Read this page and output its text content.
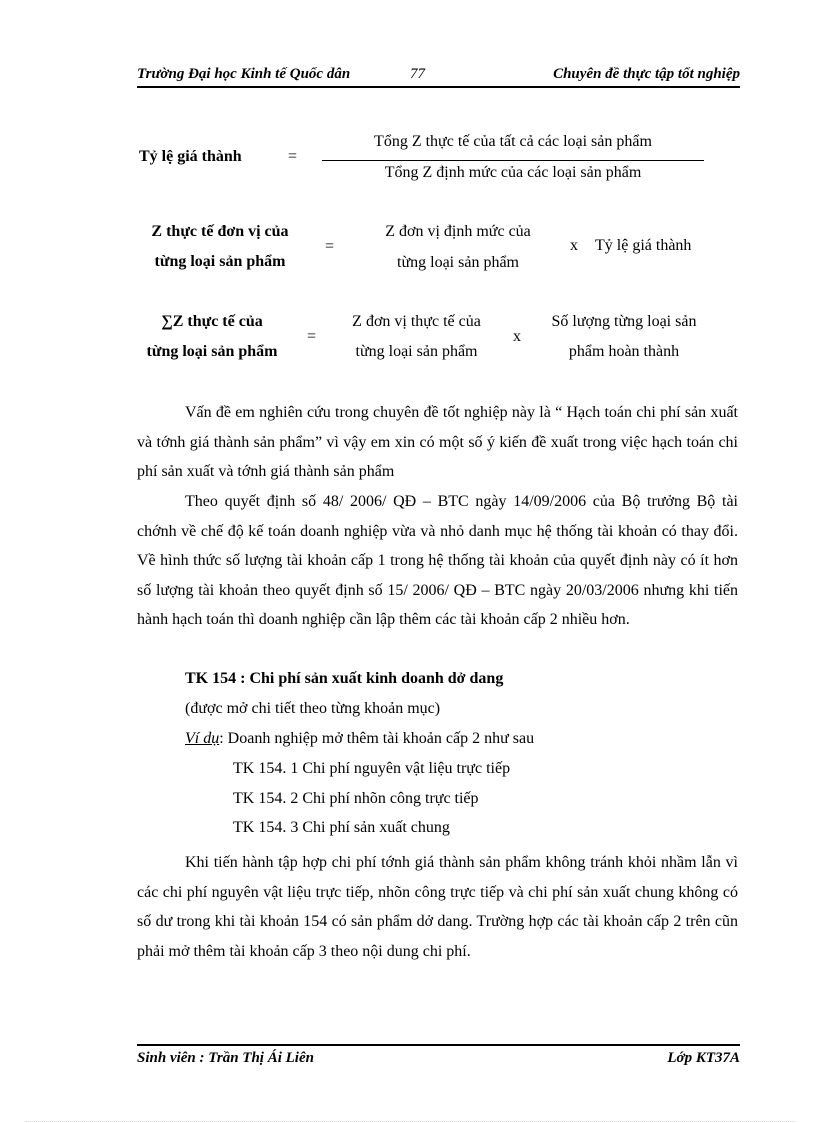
Trường Đại học Kinh tế Quốc dân	77	Chuyên đề thực tập tốt nghiệp
Tỷ lệ giá thành	=
Tổng Z thực tế của tất cả các loại sản phẩm
Tổng Z định mức của các loại sản phẩm
Z thực tế đơn vị của
từng loại sản phẩm
=
Z đơn vị định mức của
từng loại sản phẩm
x Tỷ lệ giá thành
∑Z thực tế của
từng loại sản phẩm
=
Z đơn vị thực tế của
từng loại sản phẩm
x
Số lượng từng loại sản
phẩm hoàn thành
Vấn đề em nghiên cứu trong chuyên đề tốt nghiệp này là “ Hạch toán chi phí sản xuất và tớnh giá thành sản phẩm” vì vậy em xin có một số ý kiến đề xuất trong việc hạch toán chi phí sản xuất và tớnh giá thành sản phẩm
Theo quyết định số 48/ 2006/ QĐ – BTC ngày 14/09/2006 của Bộ trưởng Bộ tài chớnh về chế độ kế toán doanh nghiệp vừa và nhỏ danh mục hệ thống tài khoản có thay đổi. Về hình thức số lượng tài khoản cấp 1 trong hệ thống tài khoản của quyết định này có ít hơn số lượng tài khoản theo quyết định số 15/ 2006/ QĐ – BTC ngày 20/03/2006 nhưng khi tiến hành hạch toán thì doanh nghiệp cần lập thêm các tài khoản cấp 2 nhiều hơn.
TK 154 : Chi phí sản xuất kinh doanh dở dang
(được mở chi tiết theo từng khoản mục)
Ví dụ: Doanh nghiệp mở thêm tài khoản cấp 2 như sau
TK 154. 1 Chi phí nguyên vật liệu trực tiếp
TK 154. 2 Chi phí nhõn công trực tiếp
TK 154. 3 Chi phí sản xuất chung
Khi tiến hành tập hợp chi phí tớnh giá thành sản phẩm không tránh khỏi nhầm lẫn vì các chi phí nguyên vật liệu trực tiếp, nhõn công trực tiếp và chi phí sản xuất chung không có số dư trong khi tài khoản 154 có sản phẩm dở dang. Trường hợp các tài khoản cấp 2 trên cũn phải mở thêm tài khoản cấp 3 theo nội dung chi phí.
Sinh viên : Trần Thị Ái Liên	Lớp KT37A
